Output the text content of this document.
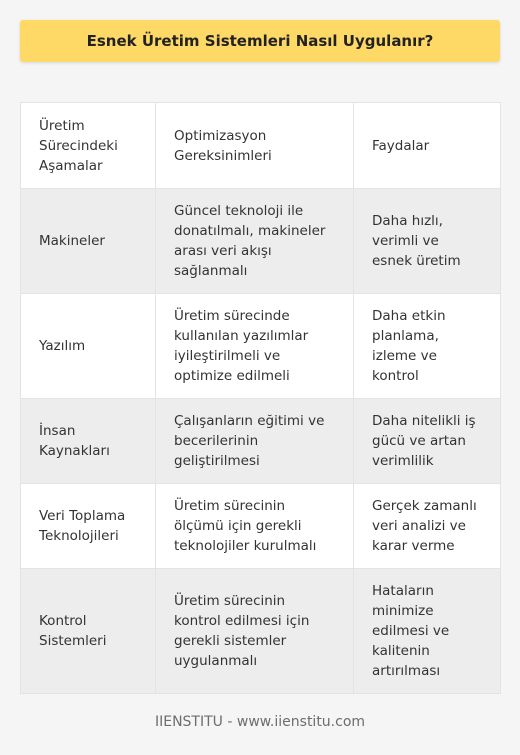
Esnek Üretim Sistemleri Nasıl Uygulanır?
Üretim Sürecindeki Aşamalar	Optimizasyon Gereksinimleri	Faydalar
Makineler	Güncel teknoloji ile donatılmalı, makineler arası veri akışı sağlanmalı	Daha hızlı, verimli ve esnek üretim
Yazılım	Üretim sürecinde kullanılan yazılımlar iyileştirilmeli ve optimize edilmeli	Daha etkin planlama, izleme ve kontrol
İnsan Kaynakları	Çalışanların eğitimi ve becerilerinin geliştirilmesi	Daha nitelikli iş gücü ve artan verimlilik
Veri Toplama Teknolojileri	Üretim sürecinin ölçümü için gerekli teknolojiler kurulmalı	Gerçek zamanlı veri analizi ve karar verme
Kontrol Sistemleri	Üretim sürecinin kontrol edilmesi için gerekli sistemler uygulanmalı	Hataların minimize edilmesi ve kalitenin artırılması
IIENSTITU - www.iienstitu.com
